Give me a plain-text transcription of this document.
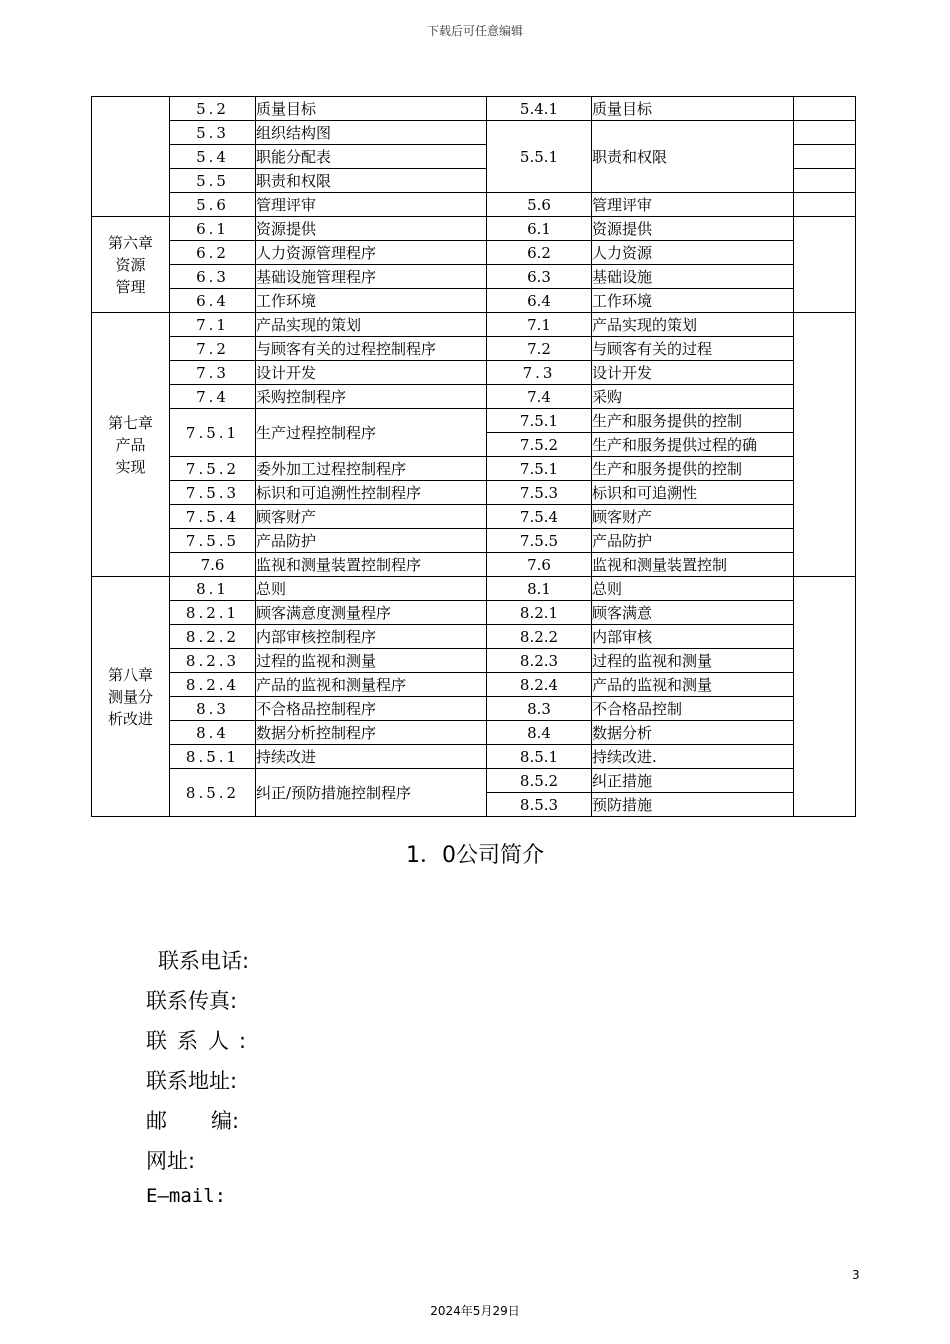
下载后可任意编辑
	5.2	质量目标	5.4.1	质量目标	
	5.3	组织结构图	5.5.1	职责和权限	
	5.4	职能分配表			
	5.5	职责和权限			
	5.6	管理评审	5.6	管理评审	

第六章
资源
管理	6.1	资源提供	6.1	资源提供	
	6.2	人力资源管理程序	6.2	人力资源	
	6.3	基础设施管理程序	6.3	基础设施	
	6.4	工作环境	6.4	工作环境	

第七章
产品
实现	7.1	产品实现的策划	7.1	产品实现的策划	
	7.2	与顾客有关的过程控制程序	7.2	与顾客有关的过程	
	7.3	设计开发	7.3	设计开发	
	7.4	采购控制程序	7.4	采购	
	7.5.1	生产过程控制程序	7.5.1	生产和服务提供的控制	
			7.5.2	生产和服务提供过程的确	
	7.5.2	委外加工过程控制程序	7.5.1	生产和服务提供的控制	
	7.5.3	标识和可追溯性控制程序	7.5.3	标识和可追溯性	
	7.5.4	顾客财产	7.5.4	顾客财产	
	7.5.5	产品防护	7.5.5	产品防护	
	7.6	监视和测量装置控制程序	7.6	监视和测量装置控制	

第八章
测量分
析改进	8.1	总则	8.1	总则	
	8.2.1	顾客满意度测量程序	8.2.1	顾客满意	
	8.2.2	内部审核控制程序	8.2.2	内部审核	
	8.2.3	过程的监视和测量	8.2.3	过程的监视和测量	
	8.2.4	产品的监视和测量程序	8.2.4	产品的监视和测量	
	8.3	不合格品控制程序	8.3	不合格品控制	
	8.4	数据分析控制程序	8.4	数据分析	
	8.5.1	持续改进	8.5.1	持续改进.	
	8.5.2	纠正/预防措施控制程序	8.5.2	纠正措施	
			8.5.3	预防措施	
1．0公司简介
联系电话:
联系传真:
联系人:
联系地址:
邮 编:
网址:
E—mail:
3
2024年5月29日
